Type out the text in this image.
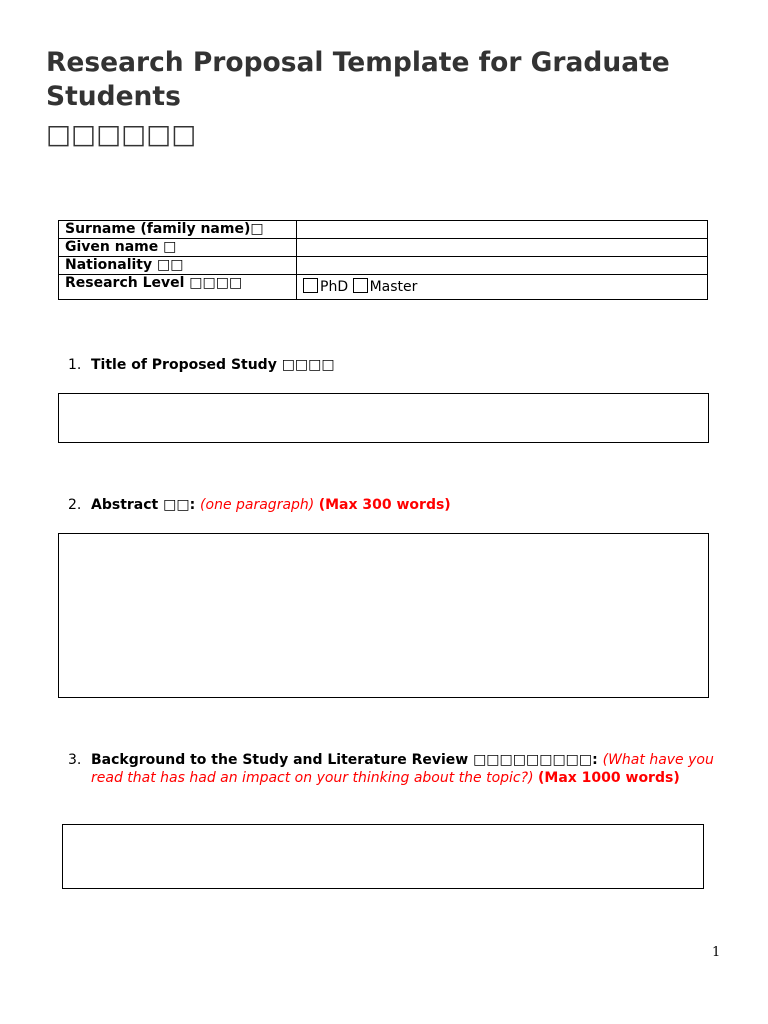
Research Proposal Template for Graduate Students
□□□□□□
Surname (family name)□	
Given name □	
Nationality □□	
Research Level □□□□	PhD Master
1. Title of Proposed Study □□□□
2. Abstract □□: (one paragraph) (Max 300 words)
3. Background to the Study and Literature Review □□□□□□□□□: (What have you read that has had an impact on your thinking about the topic?) (Max 1000 words)
1
